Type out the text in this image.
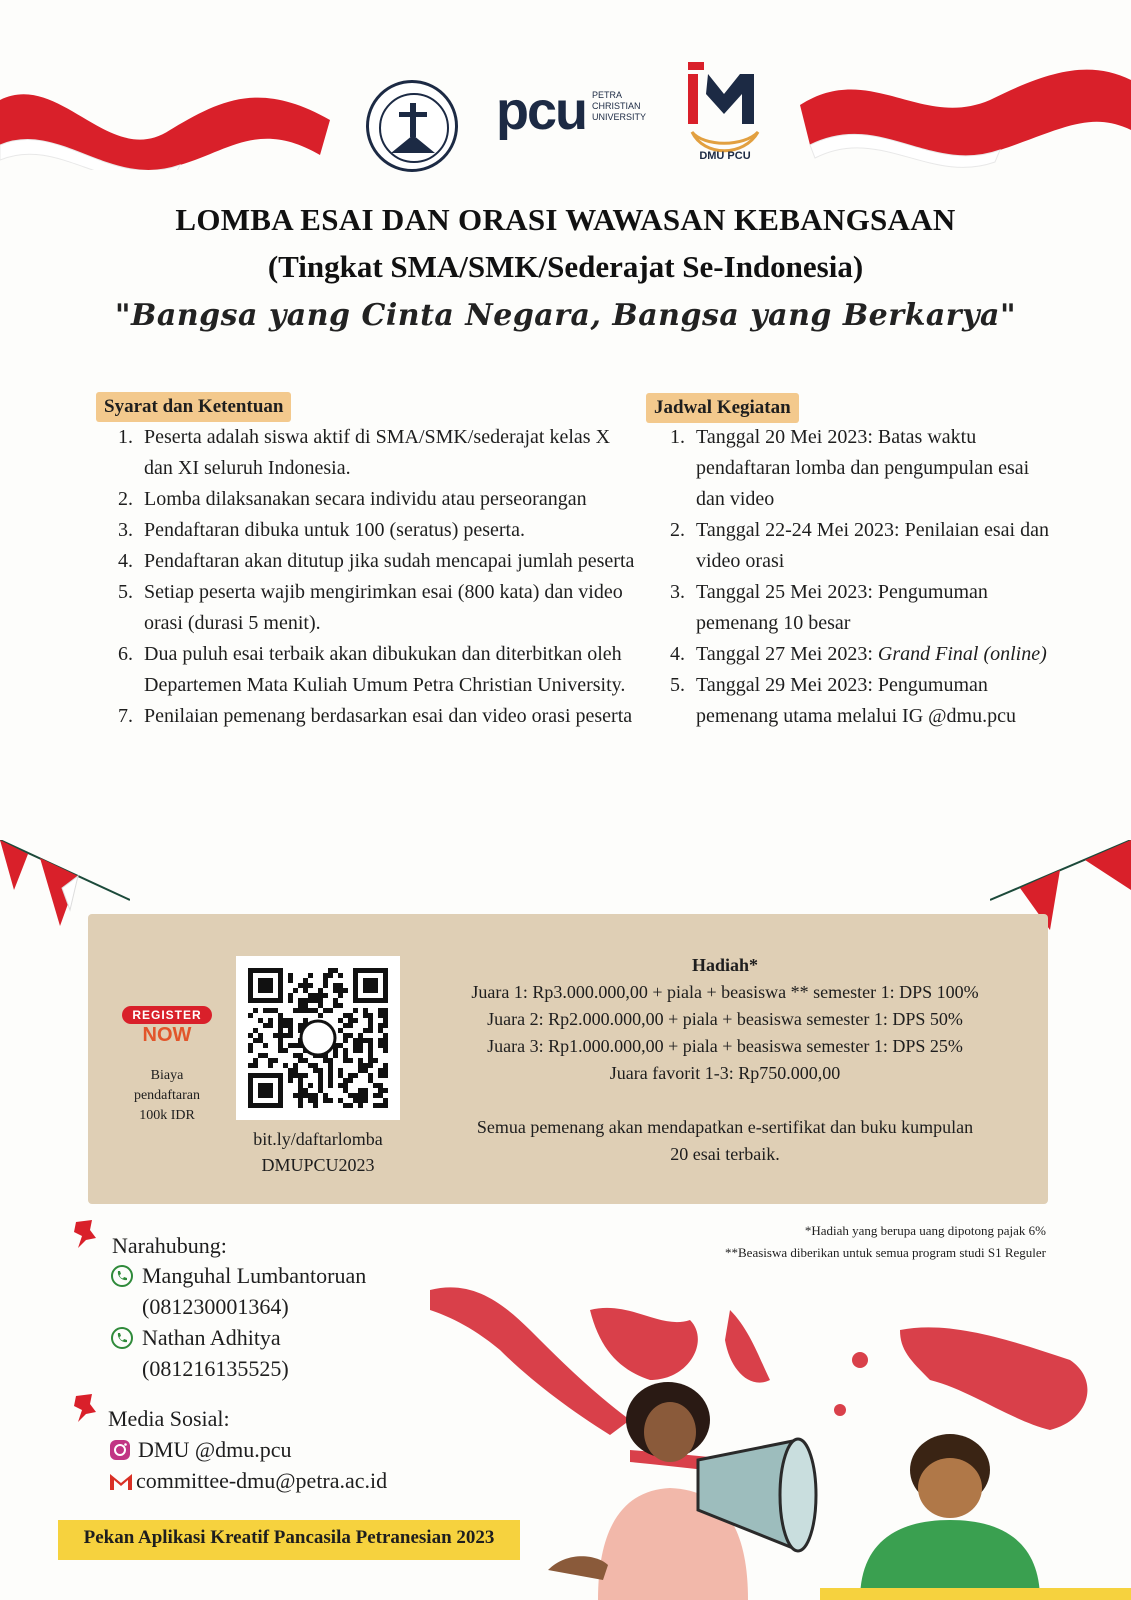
pcu PETRA
CHRISTIAN
UNIVERSITY
DMU PCU
LOMBA ESAI DAN ORASI WAWASAN KEBANGSAAN
(Tingkat SMA/SMK/Sederajat Se-Indonesia)
"Bangsa yang Cinta Negara, Bangsa yang Berkarya"
Syarat dan Ketentuan
1. Peserta adalah siswa aktif di SMA/SMK/sederajat kelas X dan XI seluruh Indonesia.
2. Lomba dilaksanakan secara individu atau perseorangan
3. Pendaftaran dibuka untuk 100 (seratus) peserta.
4. Pendaftaran akan ditutup jika sudah mencapai jumlah peserta
5. Setiap peserta wajib mengirimkan esai (800 kata) dan video orasi (durasi 5 menit).
6. Dua puluh esai terbaik akan dibukukan dan diterbitkan oleh Departemen Mata Kuliah Umum Petra Christian University.
7. Penilaian pemenang berdasarkan esai dan video orasi peserta
Jadwal Kegiatan
1. Tanggal 20 Mei 2023: Batas waktu pendaftaran lomba dan pengumpulan esai dan video
2. Tanggal 22-24 Mei 2023: Penilaian esai dan video orasi
3. Tanggal 25 Mei 2023: Pengumuman pemenang 10 besar
4. Tanggal 27 Mei 2023: Grand Final (online)
5. Tanggal 29 Mei 2023: Pengumuman pemenang utama melalui IG @dmu.pcu
REGISTER
NOW
Biaya
pendaftaran
100k IDR
bit.ly/daftarlomba
DMUPCU2023
Hadiah*
Juara 1: Rp3.000.000,00 + piala + beasiswa ** semester 1: DPS 100%
Juara 2: Rp2.000.000,00 + piala + beasiswa semester 1: DPS 50%
Juara 3: Rp1.000.000,00 + piala + beasiswa semester 1: DPS 25%
Juara favorit 1-3: Rp750.000,00
Semua pemenang akan mendapatkan e-sertifikat dan buku kumpulan
20 esai terbaik.
*Hadiah yang berupa uang dipotong pajak 6%
**Beasiswa diberikan untuk semua program studi S1 Reguler
Narahubung:
Manguhal Lumbantoruan
(081230001364)
Nathan Adhitya
(081216135525)
Media Sosial:
DMU @dmu.pcu
committee-dmu@petra.ac.id
Pekan Aplikasi Kreatif Pancasila Petranesian 2023
